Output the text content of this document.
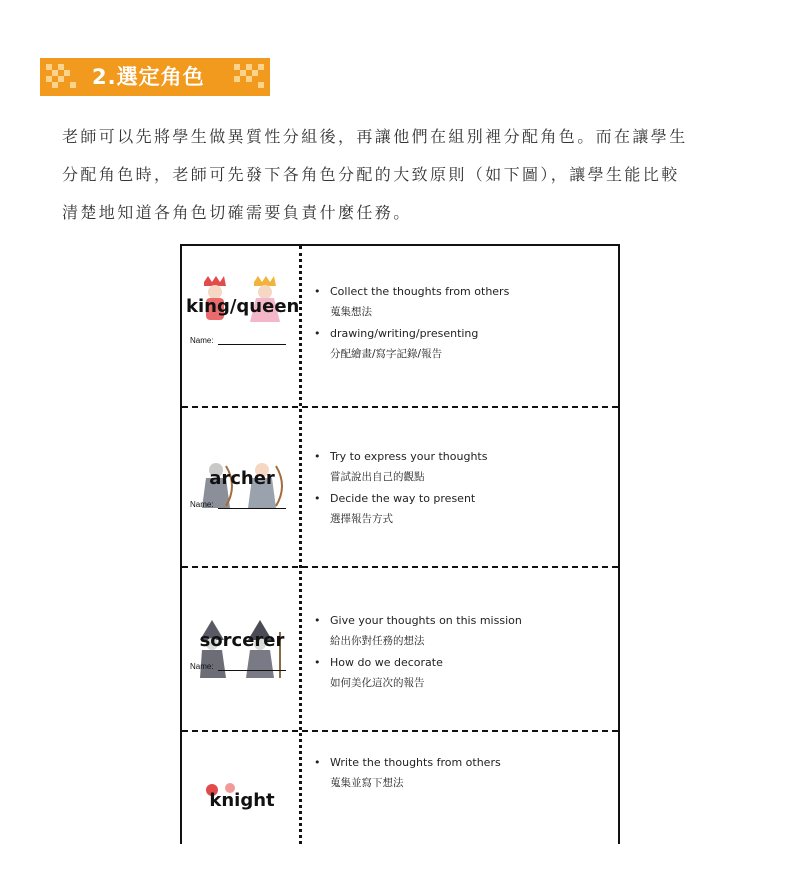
2.選定角色

老師可以先將學生做異質性分組後，再讓他們在組別裡分配角色。而在讓學生

分配角色時，老師可先發下各角色分配的大致原則（如下圖），讓學生能比較

清楚地知道各角色切確需要負責什麼任務。

king/queen
Name:
• Collect the thoughts from others
蒐集想法
• drawing/writing/presenting
分配繪畫/寫字記錄/報告
archer
Name:
• Try to express your thoughts
嘗試說出自己的觀點
• Decide the way to present
選擇報告方式
sorcerer
Name:
• Give your thoughts on this mission
給出你對任務的想法
• How do we decorate
如何美化這次的報告
knight
• Write the thoughts from others
蒐集並寫下想法
